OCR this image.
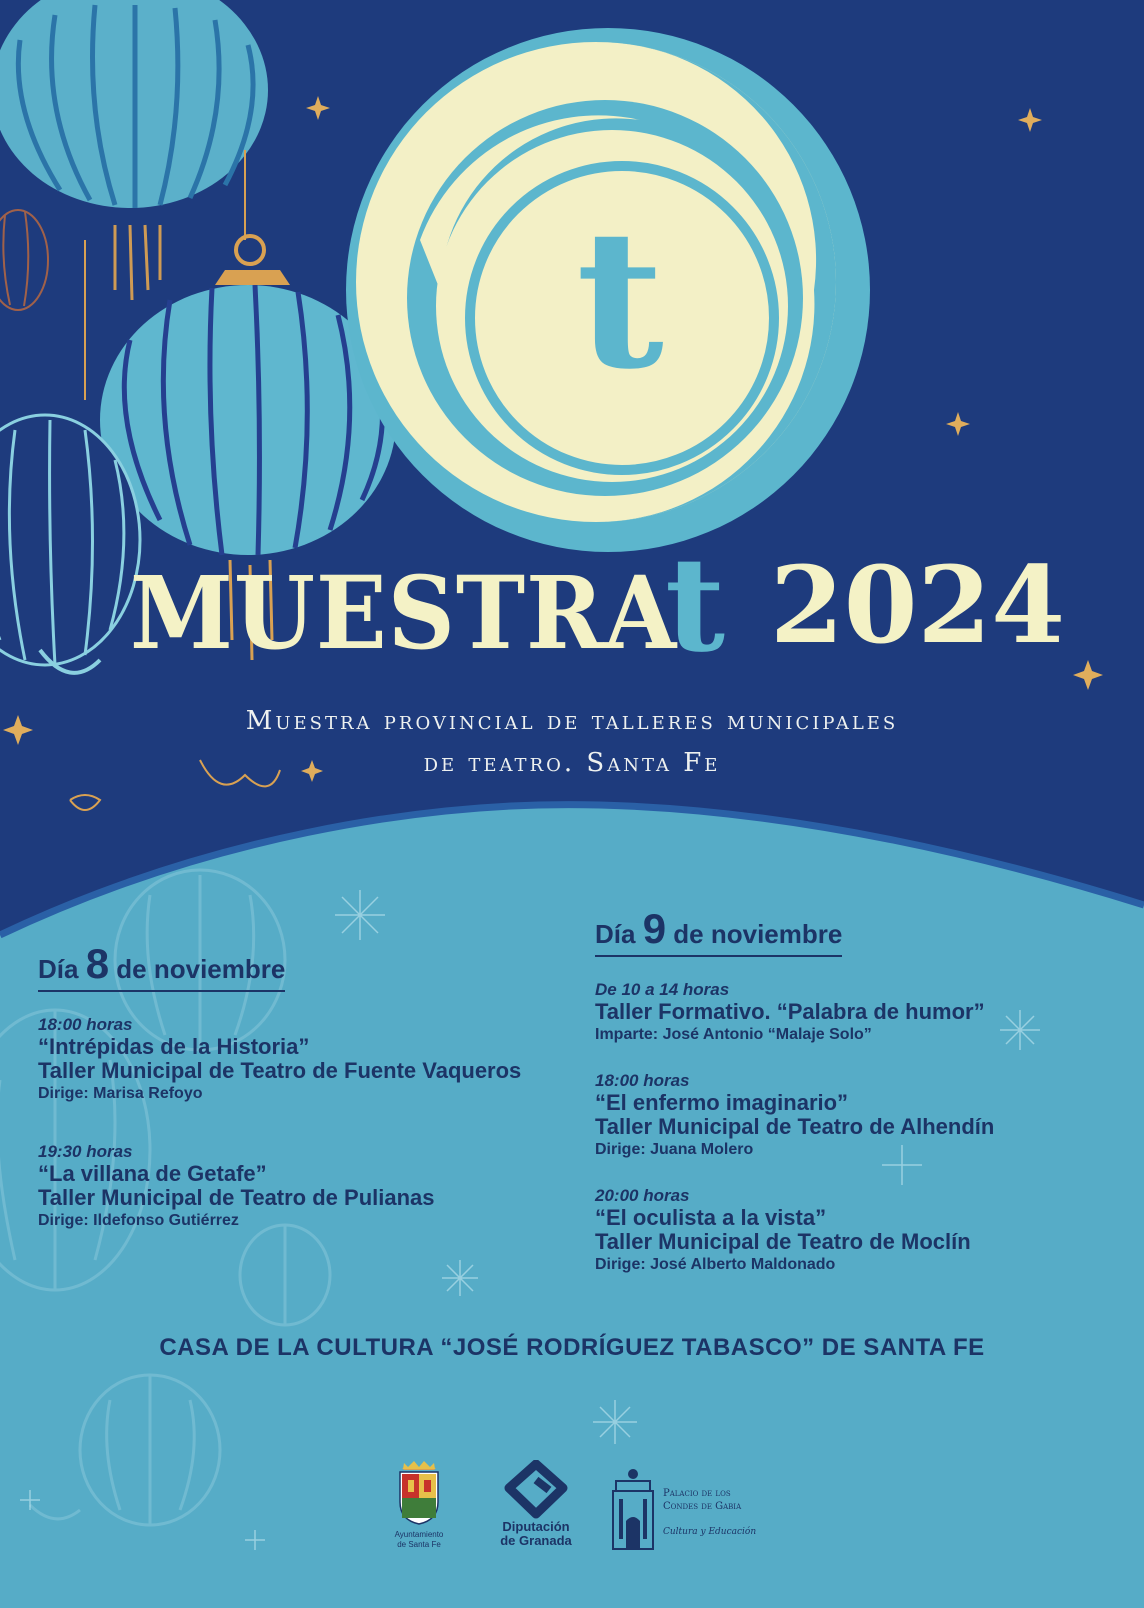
t
MUESTRA
t 2024
Muestra provincial de talleres municipales
de teatro. Santa Fe
Día 8 de noviembre
18:00 horas
“Intrépidas de la Historia”
Taller Municipal de Teatro de Fuente Vaqueros
Dirige: Marisa Refoyo
19:30 horas
“La villana de Getafe”
Taller Municipal de Teatro de Pulianas
Dirige: Ildefonso Gutiérrez
Día 9 de noviembre
De 10 a 14 horas
Taller Formativo. “Palabra de humor”
Imparte: José Antonio “Malaje Solo”
18:00 horas
“El enfermo imaginario”
Taller Municipal de Teatro de Alhendín
Dirige: Juana Molero
20:00 horas
“El oculista a la vista”
Taller Municipal de Teatro de Moclín
Dirige: José Alberto Maldonado
CASA DE LA CULTURA “JOSÉ RODRÍGUEZ TABASCO” DE SANTA FE
Ayuntamiento
de Santa Fe
Diputación
de Granada
Palacio de los
Condes de Gabia
Cultura y Educación
